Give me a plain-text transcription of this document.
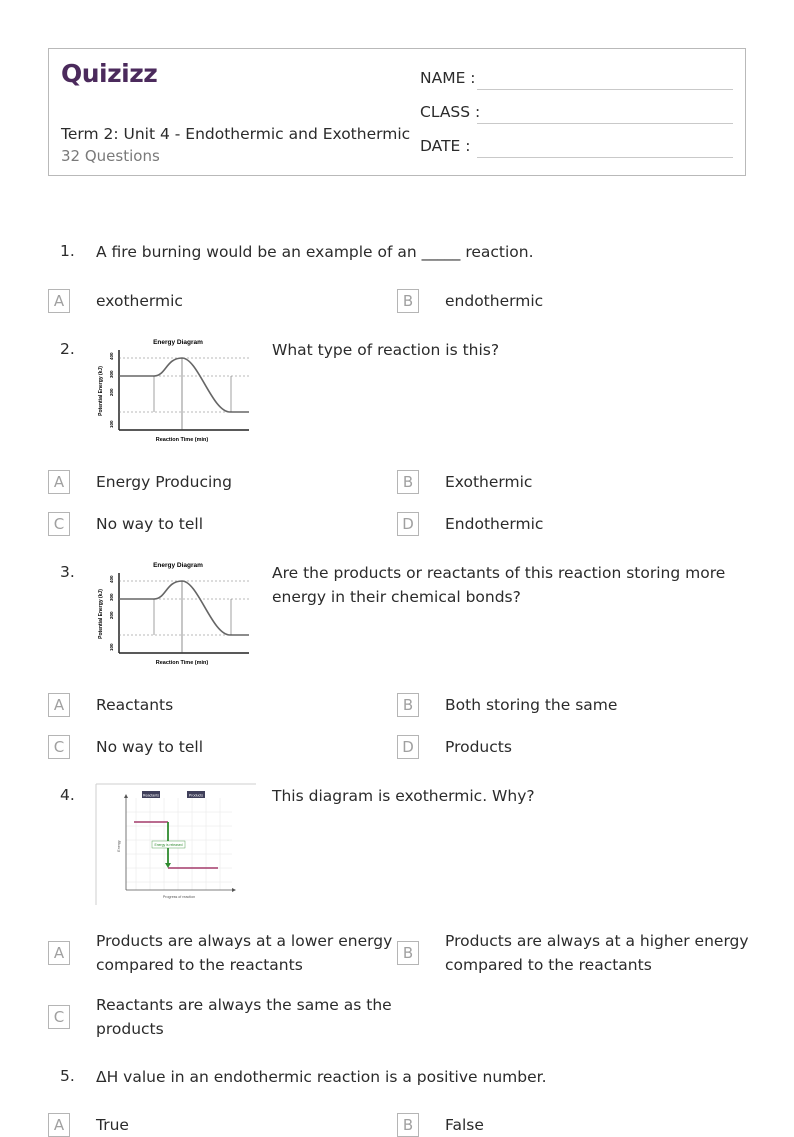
Quizizz
Term 2: Unit 4 - Endothermic and Exothermic
32 Questions
NAME :
CLASS :
DATE :
1. A fire burning would be an example of an _____ reaction.
A	exothermic	B	endothermic
2.	Energy Diagram
Potential Energy (kJ)
Reaction Time (min)
400
300
200
100
What type of reaction is this?
A	Energy Producing	B	Exothermic
C	No way to tell	D	Endothermic
3.	Energy Diagram
Potential Energy (kJ)
Reaction Time (min)
400
300
200
100
Are the products or reactants of this reaction storing more
energy in their chemical bonds?
A	Reactants	B	Both storing the same
C	No way to tell	D	Products
4.	Reactants	Products
Energy is released
Energy
Progress of reaction
This diagram is exothermic. Why?
A
Products are always at a lower energy
compared to the reactants
B
Products are always at a higher energy
compared to the reactants
C
Reactants are always the same as the
products
5. ΔH value in an endothermic reaction is a positive number.
A	True	B	False
